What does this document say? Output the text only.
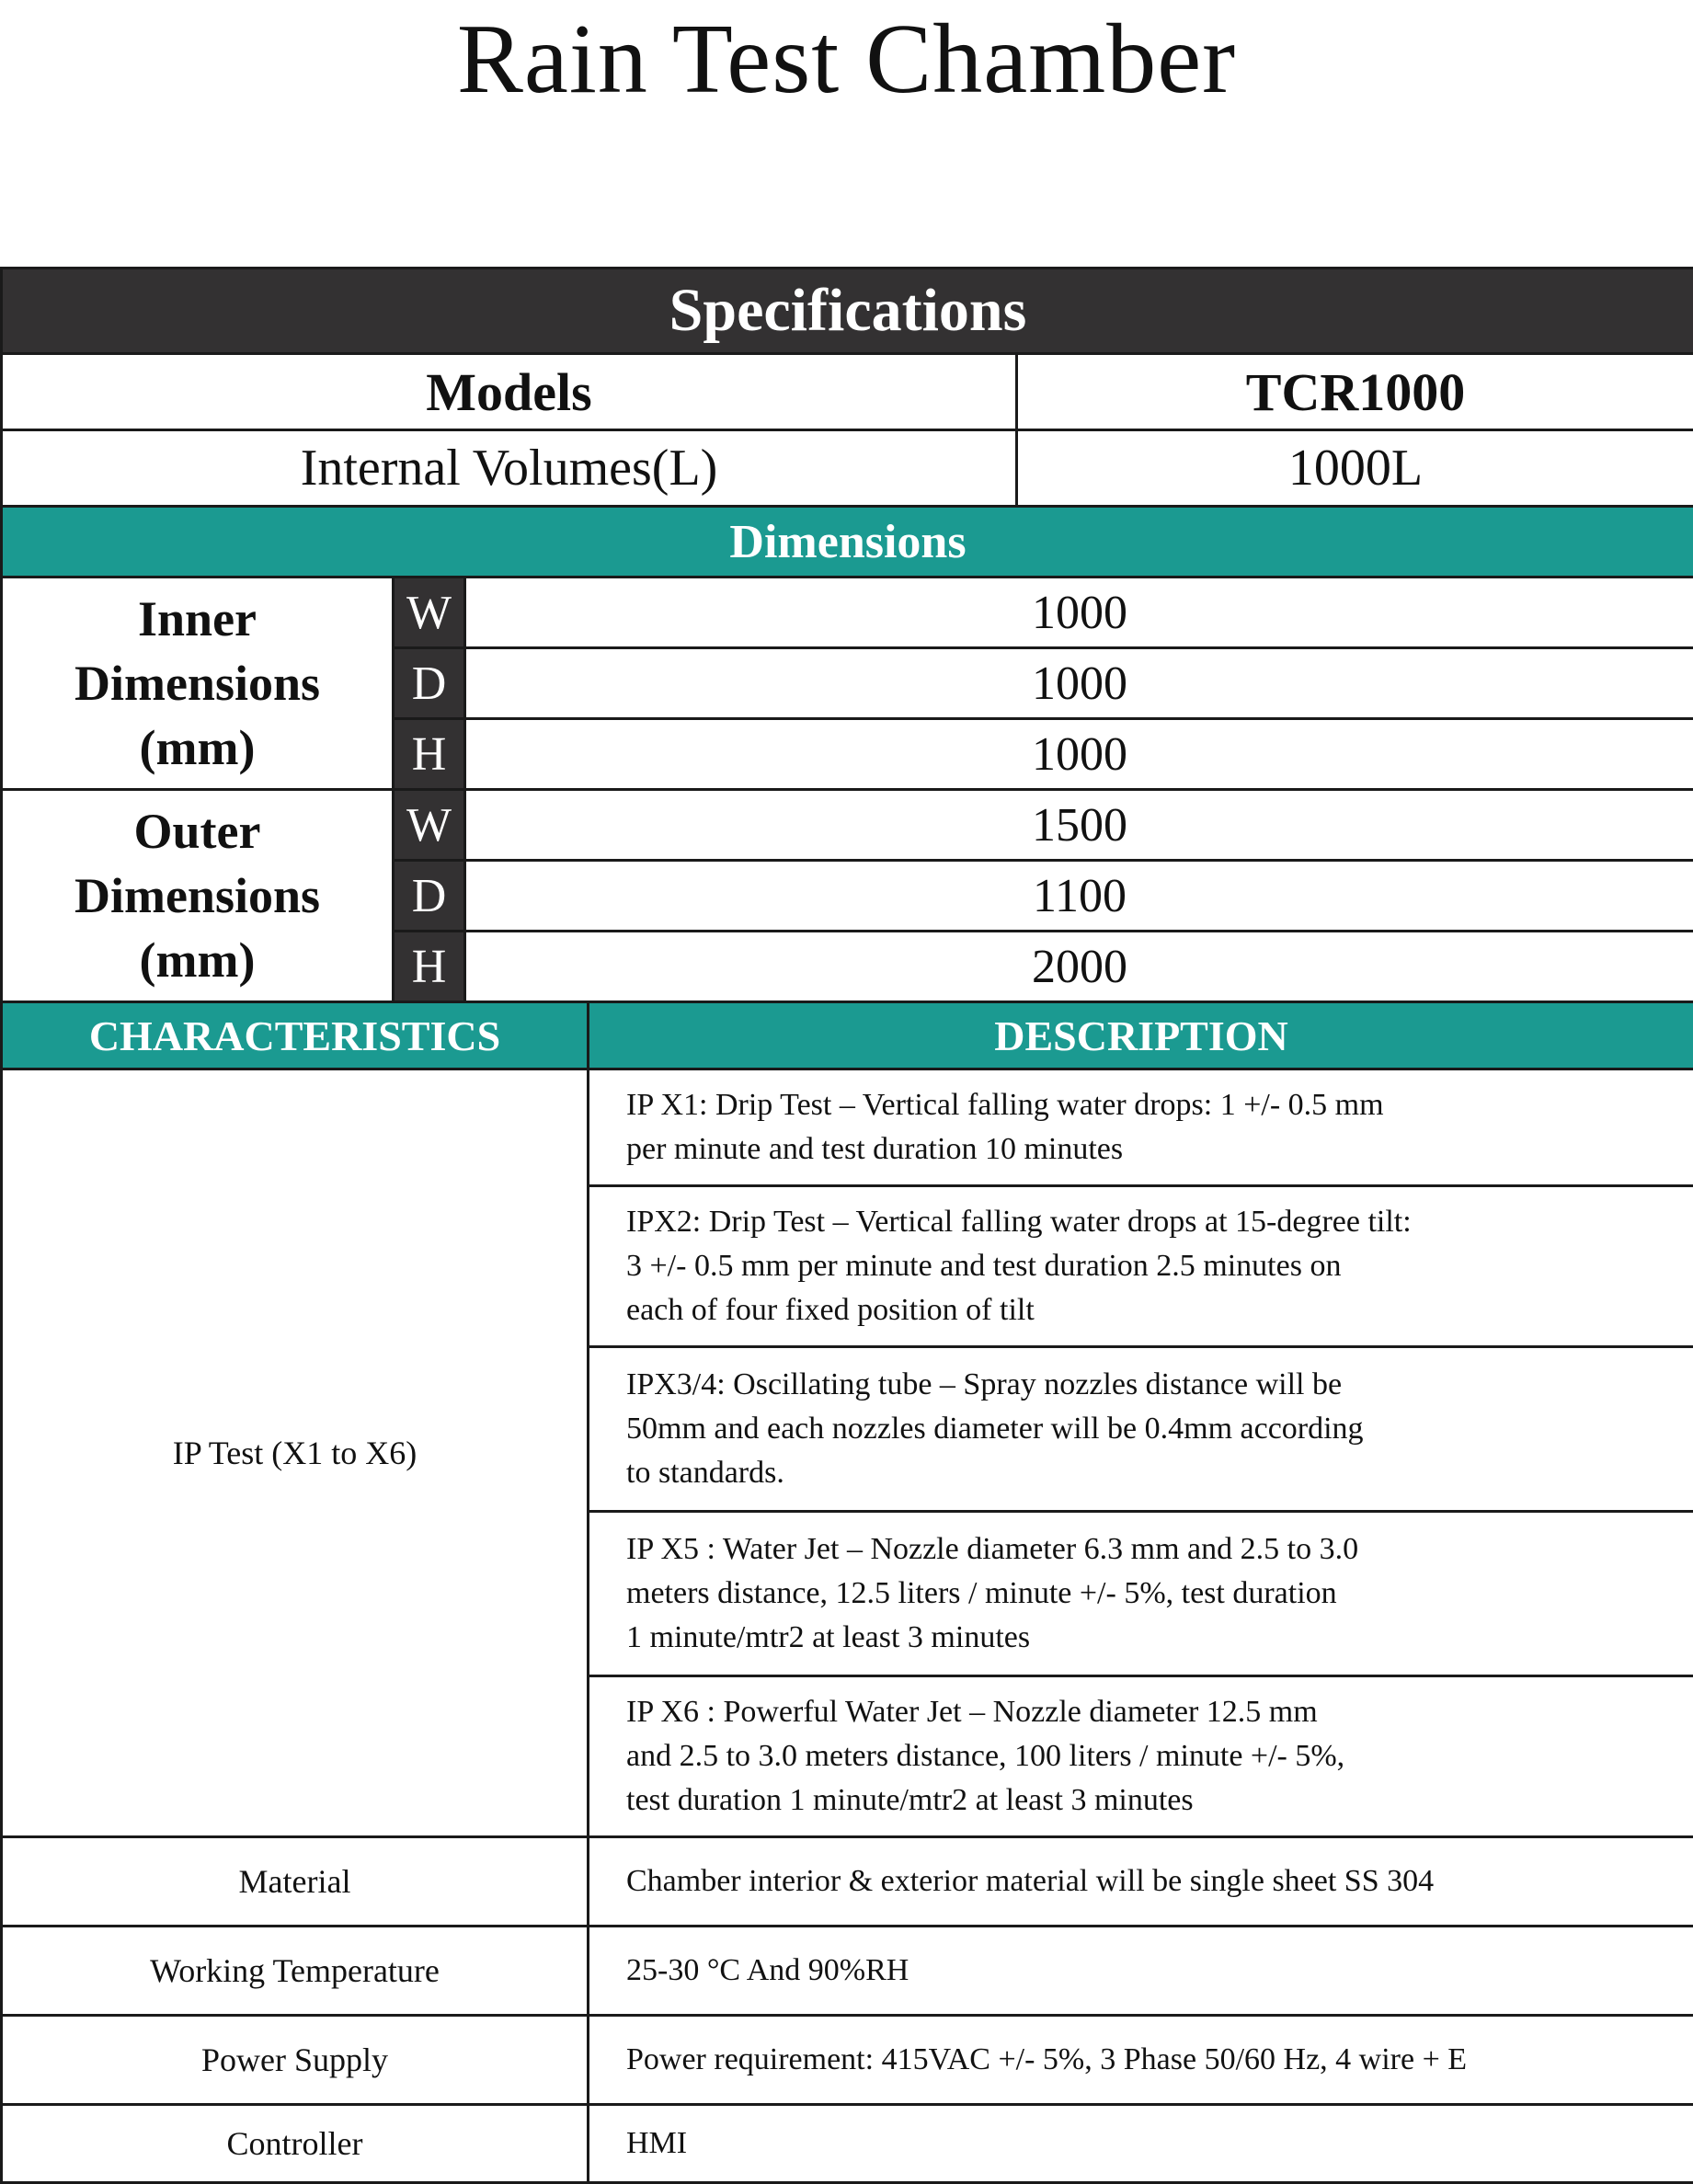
Rain Test Chamber
Specifications				
Models				TCR1000
Internal Volumes(L)				1000L
Dimensions				

Inner
Dimensions
(mm)	W	1000		
	D	1000		
	H	1000		

Outer
Dimensions
(mm)	W	1500		
	D	1100		
	H	2000		
CHARACTERISTICS			DESCRIPTION	
IP Test (X1 to X6)			IP X1: Drip Test – Vertical falling water drops: 1 +/- 0.5 mm
per minute and test duration 10 minutes	

			IPX2: Drip Test – Vertical falling water drops at 15-degree tilt:
3 +/- 0.5 mm per minute and test duration 2.5 minutes on
each of four fixed position of tilt	

			IPX3/4: Oscillating tube – Spray nozzles distance will be
50mm and each nozzles diameter will be 0.4mm according
to standards.	

			IP X5 : Water Jet – Nozzle diameter 6.3 mm and 2.5 to 3.0
meters distance, 12.5 liters / minute +/- 5%, test duration
1 minute/mtr2 at least 3 minutes	

			IP X6 : Powerful Water Jet – Nozzle diameter 12.5 mm
and 2.5 to 3.0 meters distance, 100 liters / minute +/- 5%,
test duration 1 minute/mtr2 at least 3 minutes	

Material			Chamber interior & exterior material will be single sheet SS 304	
Working Temperature			25-30 °C And 90%RH	
Power Supply			Power requirement: 415VAC +/- 5%, 3 Phase 50/60 Hz, 4 wire + E	
Controller			HMI	
